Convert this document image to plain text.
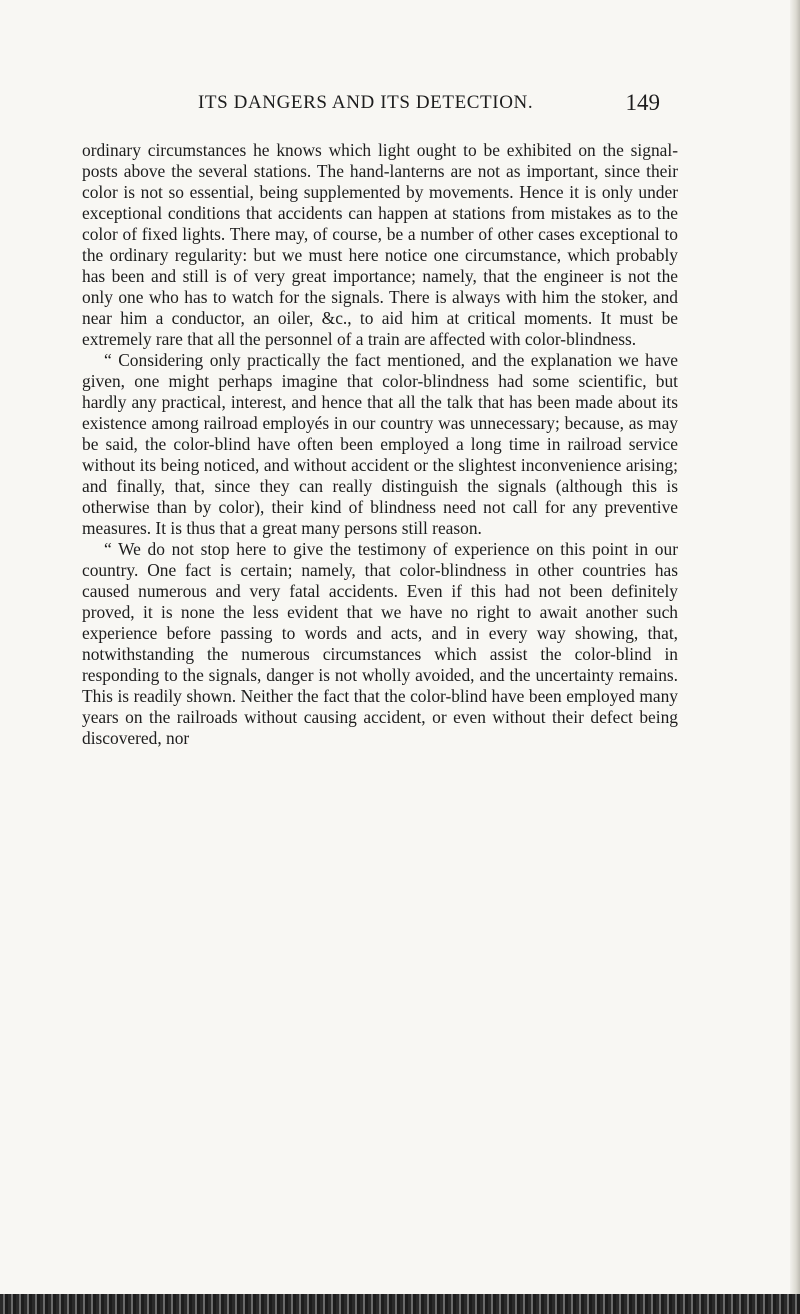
ITS DANGERS AND ITS DETECTION.	149

ordinary circumstances he knows which light ought to be exhibited on the signal-posts above the several stations. The hand-lanterns are not as important, since their color is not so essential, being supplemented by movements. Hence it is only under exceptional conditions that accidents can happen at stations from mistakes as to the color of fixed lights. There may, of course, be a number of other cases exceptional to the ordinary regularity: but we must here notice one circumstance, which probably has been and still is of very great importance; namely, that the engineer is not the only one who has to watch for the signals. There is always with him the stoker, and near him a conductor, an oiler, &c., to aid him at critical moments. It must be extremely rare that all the personnel of a train are affected with color-blindness.

“ Considering only practically the fact mentioned, and the explanation we have given, one might perhaps imagine that color-blindness had some scientific, but hardly any practical, interest, and hence that all the talk that has been made about its existence among railroad employés in our country was unnecessary; because, as may be said, the color-blind have often been employed a long time in railroad service without its being noticed, and without accident or the slightest inconvenience arising; and finally, that, since they can really distinguish the signals (although this is otherwise than by color), their kind of blindness need not call for any preventive measures. It is thus that a great many persons still reason.

“ We do not stop here to give the testimony of experience on this point in our country. One fact is certain; namely, that color-blindness in other countries has caused numerous and very fatal accidents. Even if this had not been definitely proved, it is none the less evident that we have no right to await another such experience before passing to words and acts, and in every way showing, that, notwithstanding the numerous circumstances which assist the color-blind in responding to the signals, danger is not wholly avoided, and the uncertainty remains. This is readily shown. Neither the fact that the color-blind have been employed many years on the railroads without causing accident, or even without their defect being discovered, nor
